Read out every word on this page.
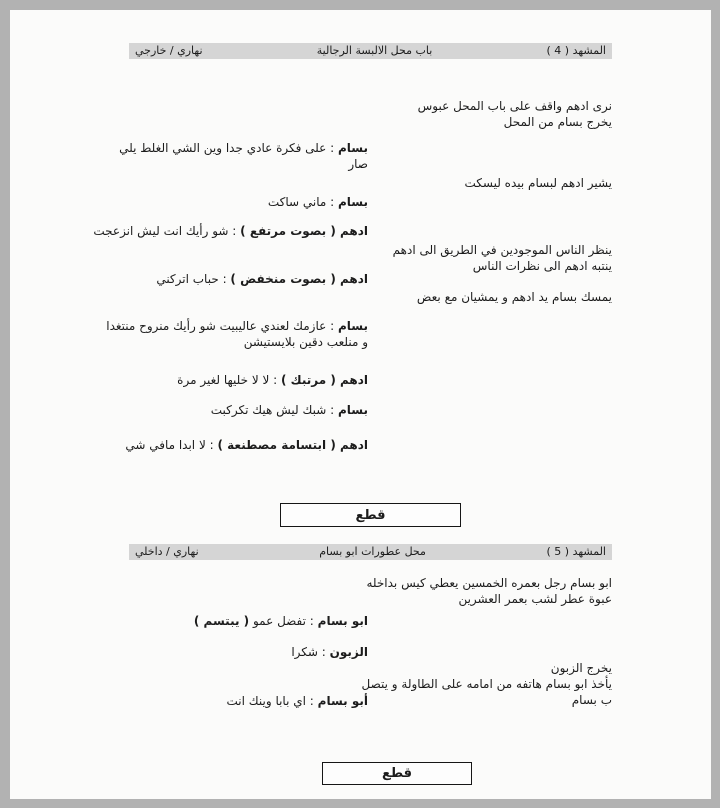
المشهد ( 4 )
باب محل الالبسة الرجالية
نهاري / خارجي
نرى ادهم واقف على باب المحل عبوس
يخرج بسام من المحل
بسام : على فكرة عادي جدا وين الشي الغلط يلي
صار
يشير ادهم لبسام بيده ليسكت
بسام : ماني ساكت
ادهم ( بصوت مرتفع ) : شو رأيك انت ليش انزعجت
ينظر الناس الموجودين في الطريق الى ادهم
ينتبه ادهم الى نظرات الناس
ادهم ( بصوت منخفض ) : حباب اتركني
يمسك بسام يد ادهم و يمشيان مع بعض
بسام : عازمك لعندي عاليبيت شو رأيك منروح منتغدا
و منلعب دقين بلايستيشن
ادهم ( مرتبك ) : لا لا خليها لغير مرة
بسام : شبك ليش هيك تكركبت
ادهم ( ابتسامة مصطنعة ) : لا ابدا مافي شي
قطع
المشهد ( 5 )
محل عطورات ابو بسام
نهاري / داخلي
ابو بسام رجل بعمره الخمسين يعطي كيس بداخله
عبوة عطر لشب بعمر العشرين
ابو بسام : تفضل عمو ( يبتسم )
الزبون : شكرا
يخرج الزبون
يأخذ ابو بسام هاتفه من امامه على الطاولة و يتصل
ب بسام
أبو بسام : اي بابا وينك انت
قطع
